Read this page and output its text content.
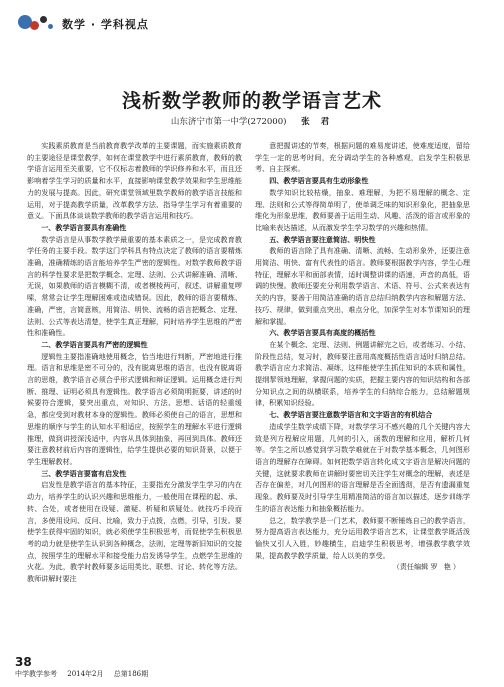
数学 · 学科视点
浅析数学教师的教学语言艺术
山东济宁市第一中学(272000) 张 君

实践素质教育是当前教育教学改革的主要课题，而实施素质教育的主要途径是课堂教学，如何在课堂教学中进行素质教育，教师的教学语言运用至关重要，它不仅标志着教师的学识修养和水平，而且还影响着学生学习的质量和水平，直接影响课堂教学效果和学生思维能力的发展与提高。因此，研究课堂领域里数学教师的教学语言技能和运用，对于提高教学质量，改革教学方法、指导学生学习有着重要的意义。下面具体谈谈数学教师的教学语言运用和技巧。

一、教学语言要具有准确性

数学语言是从事数学教学最重要的基本素质之一，是完成教育教学任务的主要手段。数学这门学科具有特点决定了教师的语言要精炼准确，准确精练的语言能培养学生严密的逻辑性。对数学教师教学语言的科学性要求是把数学概念、定理、法则、公式讲解准确、清晰、无误，如果教师的语言模糊不清，或者模棱两可，叙述、讲解重复啰嗦，常常会让学生理解困难或造成错误。因此，教师的语言要精炼、准确，严密，言简意赅，用简洁、明快、流畅的语言把概念、定理、法则、公式等表达清楚，使学生真正理解，同时培养学生思维的严密性和准确性。

二、教学语言要具有严密的逻辑性

逻辑性主要指准确地使用概念，恰当地进行判断，严密地进行推理。语言和思维是密不可分的，没有脱离思维的语言，也没有脱离语言的思维，教学语言必须合乎形式逻辑和辩证逻辑。运用概念进行判断、推理、证明必须具有逻辑性。教学语言必须简明扼要，讲述的时候要符合逻辑，要突出重点，对知识、方法、思想、话语的轻重缓急，都应受到对教材本身的逻辑性。教师必须使自己的语言，思想和思维的顺序与学生的认知水平相适应，按照学生的理解水平进行逻辑推理，做到讲授深浅适中，内容从具体到抽象，再回到具体。教师还要注意教材前后内容的逻辑性，给学生提供必要的知识背景，以便于学生理解教材。

三、教学语言要富有启发性

启发性是教学语言的基本特征，主要指充分激发学生学习的内在动力，培养学生的认识兴趣和思维能力，一般使用在课程的起、承、转、合处，或者使用在设疑、激疑、析疑和质疑处。就技巧手段而言，多使用设问、反问、比喻，致力于点拨，点燃，引导，引发。要使学生获得牢固的知识，就必须使学生积极思考，而促使学生积极思考的动力就是使学生认识到各种概念，法则，定理等新旧知识的交接点，按照学生的理解水平和接受能力启发诱导学生，点燃学生思维的火花。为此，教学时教师要多运用类比、联想、讨论、转化等方法。教师讲解时要注

意把握讲述的节奏，根据问题的难易度讲述，使难度适度，留给学生一定的思考时间，充分调动学生的各种感观，启发学生积极思考、自主探索。

四、教学语言要具有生动形象性

数学知识比较枯燥，抽象、难理解，为把不易理解的概念、定理、法则和公式等得简单明了，使单调乏味的知识形象化，把抽象思维化为形象思维，教师要善于运用生动、风趣、活泼的语言或形象的比喻来表达描述，从而激发学生学习数学的兴趣和热情。

五、教学语言要注意简洁、明快性

教师的语言除了具有准确、清晰、流畅、生动形象外，还要注意用简洁、明快、富有代表性的语言。教师要根据教学内容，学生心理特征，理解水平和面部表情，适时调整讲课的语速，声音的高低，语调的快慢。教师还要充分利用数学语言、术语、符号、公式来表达有关的内容，要善于用简洁准确的语言总结归纳教学内容和解题方法、技巧、规律，做到重点突出，难点分化，加深学生对本节课知识的理解和掌握。

六、教学语言要具有高度的概括性

在某个概念、定理、法则、例题讲解完之后，或者练习、小结、阶段性总结，复习时，教师要注意用高度概括性语言适时归纳总结。教学语言应力求简洁、凝练，这样能使学生抓住知识的本质和属性，提纲挈领地理解，掌握问题的实质，把握主要内容的知识结构和各部分知识点之间的纵横联系，培养学生的归纳综合能力，总结解题规律，积累知识经验。

七、教学语言要注意数学语言和文字语言的有机结合

造成学生数学成绩下降，对数学学习不感兴趣的几个关键内容大致是列方程解应用题，几何的引入，函数的理解和应用，解析几何等。学生之所以感觉到学习数学难就在于对数学基本概念，几何图形语言的理解存在障碍。如何把数学语言转化成文字语言是解决问题的关键，这就要求教师在讲解时要密切关注学生对概念的理解，表述是否存在偏差，对几何图形的语言理解是否全面透彻，是否有遗漏重复现象。教师要及时引导学生用精准简洁的语言加以描述，逐步训练学生的语言表达能力和抽象概括能力。

总之，数学教学是一门艺术，教师要不断锤炼自己的教学语言，努力提高语言表达能力，充分运用教学语言艺术，让课堂教学既活泼愉快又引人入胜，妙趣横生，启迪学生积极思考，增强教学教学效果，提高教学教学质量，给人以美的享受。

（责任编辑 罗 艳）
38
中学教学参考 2014年2月 总第186期
